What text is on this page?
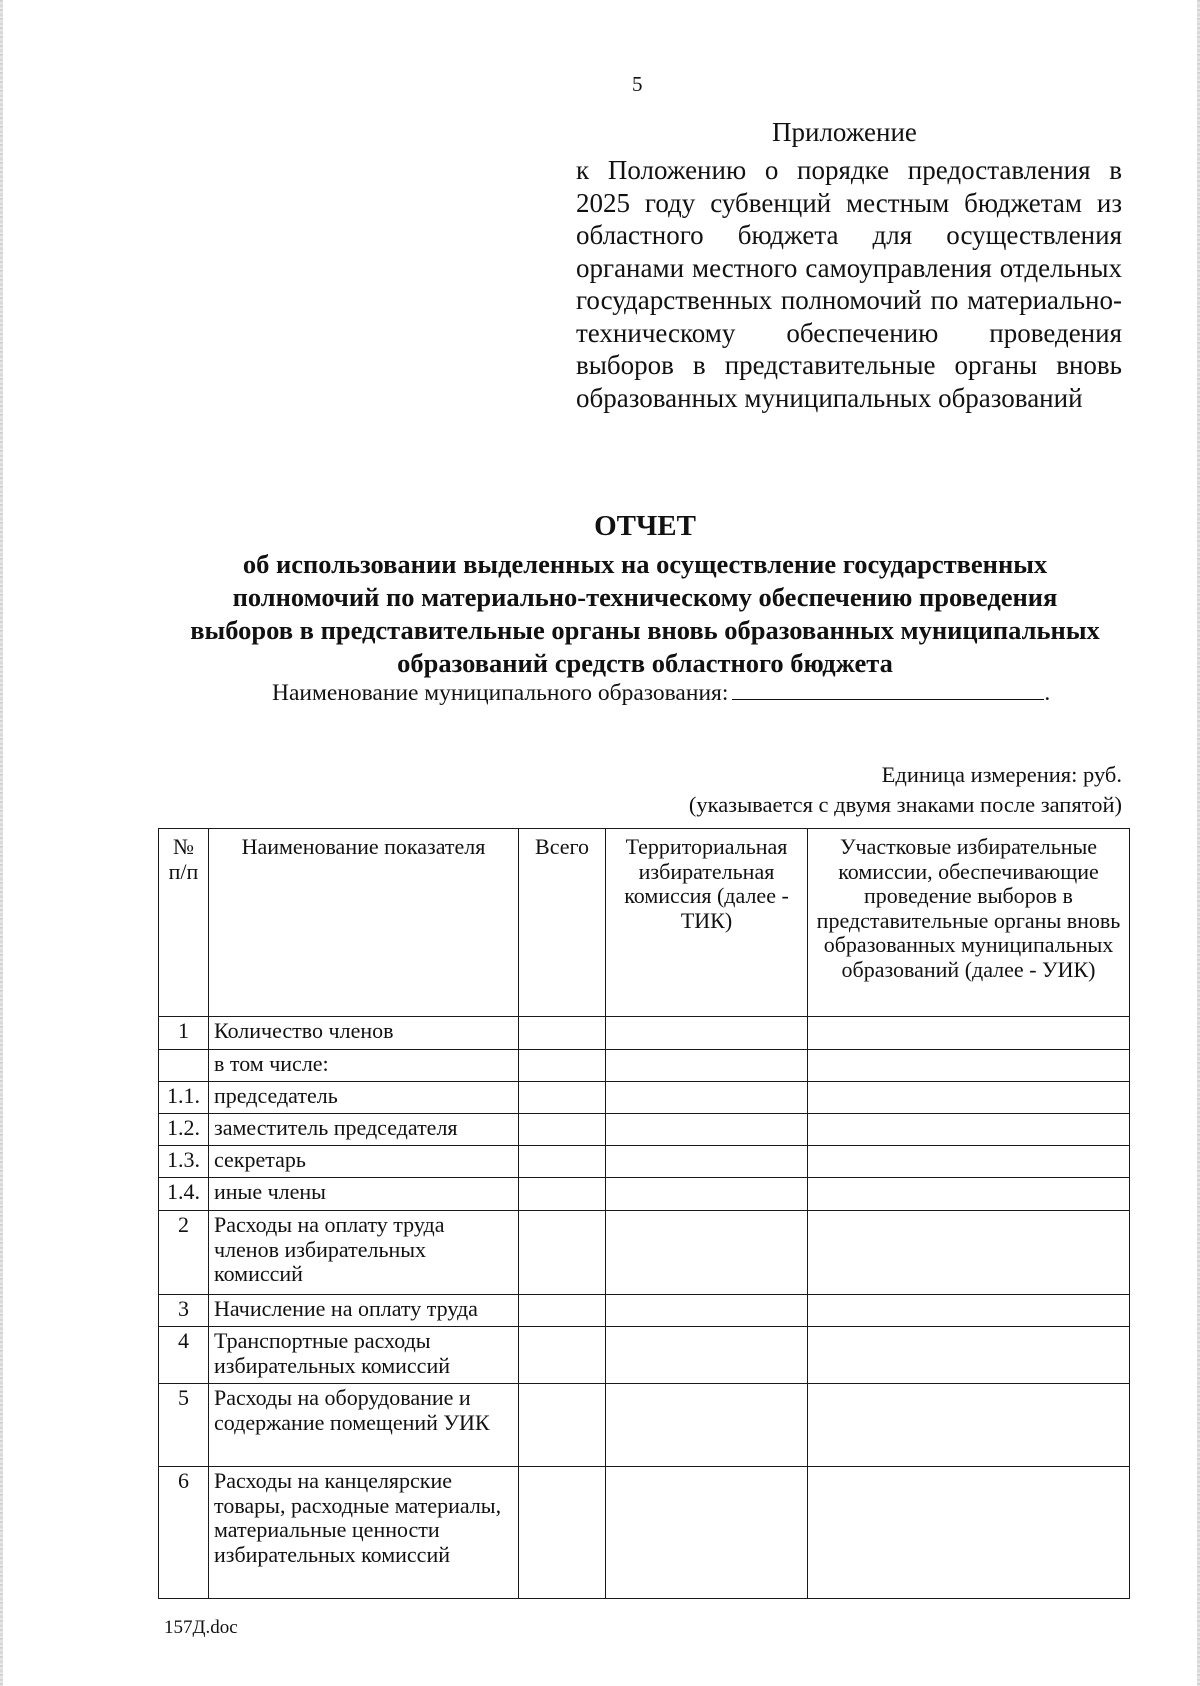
5
Приложение
к Положению о порядке предоставления в 2025 году субвенций местным бюджетам из областного бюджета для осуществления органами местного самоуправления отдельных государственных полномочий по материально-техническому обеспечению проведения выборов в представительные органы вновь образованных муниципальных образований
ОТЧЕТ
об использовании выделенных на осуществление государственных полномочий по материально-техническому обеспечению проведения выборов в представительные органы вновь образованных муниципальных образований средств областного бюджета
Наименование муниципального образования:	.
Единица измерения: руб.
(указывается с двумя знаками после запятой)
№ п/п	Наименование показателя	Всего	Территориальная избирательная комиссия (далее - ТИК)	Участковые избирательные комиссии, обеспечивающие проведение выборов в представительные органы вновь образованных муниципальных образований (далее - УИК)
1	Количество членов			
	в том числе:			
1.1.	председатель			
1.2.	заместитель председателя			
1.3.	секретарь			
1.4.	иные члены			
2	Расходы на оплату труда членов избирательных комиссий			
3	Начисление на оплату труда			
4	Транспортные расходы избирательных комиссий			
5	Расходы на оборудование и содержание помещений УИК			
6	Расходы на канцелярские товары, расходные материалы, материальные ценности избирательных комиссий			
157Д.doc
